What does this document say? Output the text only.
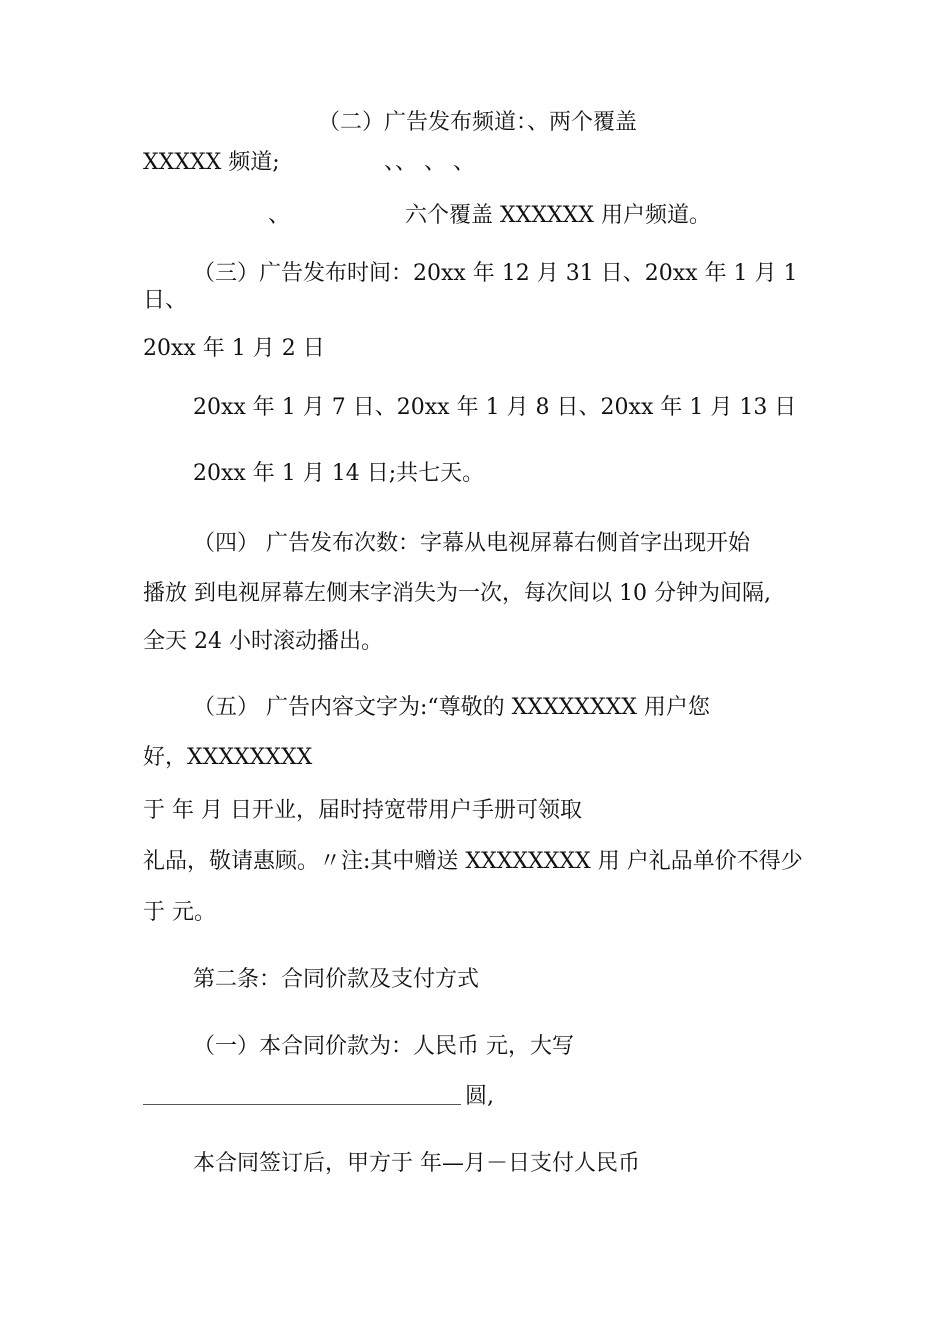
（二）广告发布频道：、两个覆盖
XXXXX 频道;	、、 、 、
、	六个覆盖 XXXXXX 用户频道。
（三）广告发布时间：20xx 年 12 月 31 日、20xx 年 1 月 1
日、
20xx 年 1 月 2 日
20xx 年 1 月 7 日、20xx 年 1 月 8 日、20xx 年 1 月 13 日
20xx 年 1 月 14 日;共七天。
（四） 广告发布次数：字幕从电视屏幕右侧首字出现开始
播放 到电视屏幕左侧末字消失为一次，每次间以 10 分钟为间隔,
全天 24 小时滚动播出。
（五） 广告内容文字为:“尊敬的 XXXXXXXX 用户您
好，XXXXXXXX
于 年 月 日开业，届时持宽带用户手册可领取
礼品，敬请惠顾。〃注:其中赠送 XXXXXXXX 用 户礼品单价不得少
于 元。
第二条：合同价款及支付方式
（一）本合同价款为：人民币 元，大写
圆,
本合同签订后，甲方于 年—月－日支付人民币
